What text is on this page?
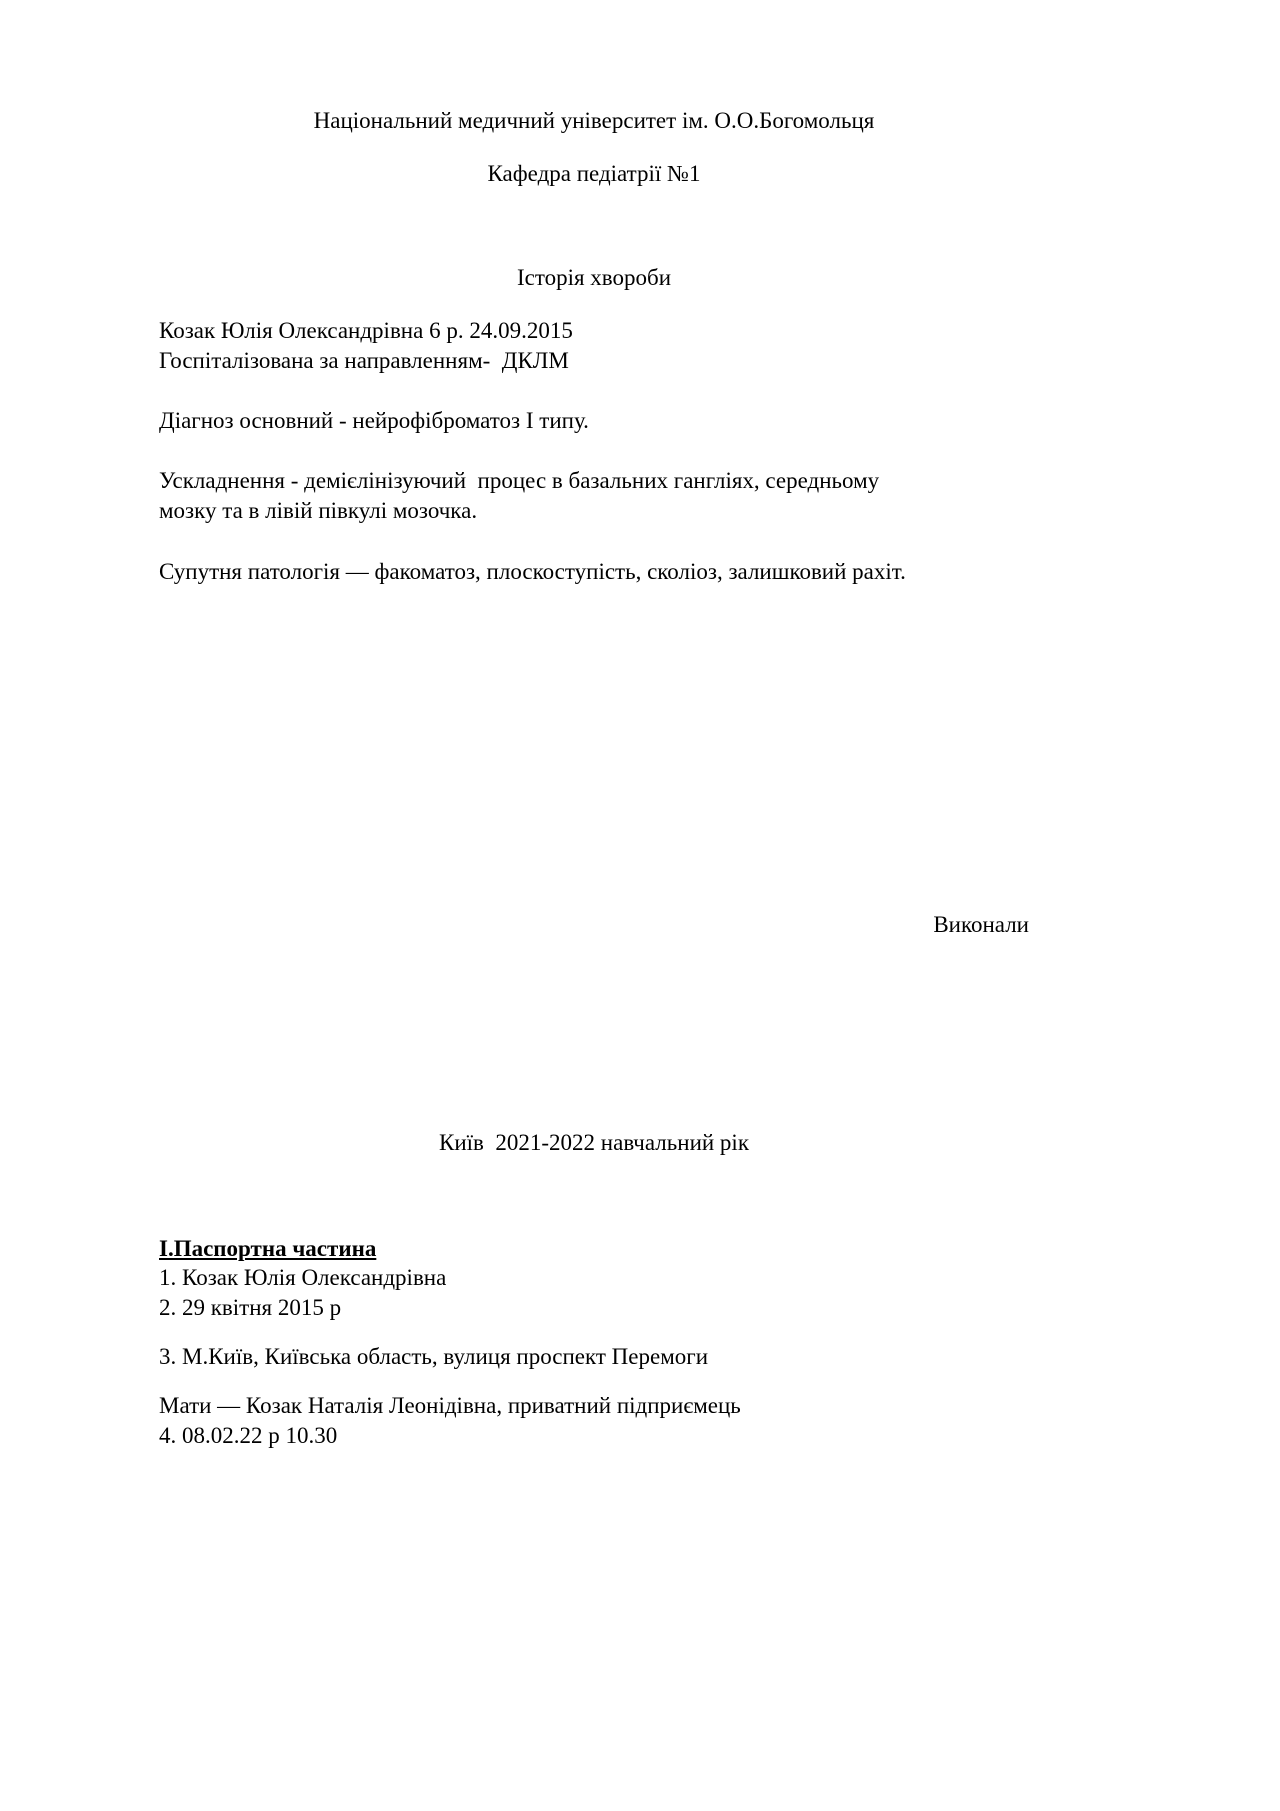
Національний медичний університет ім. О.О.Богомольця

Кафедра педіатрії №1

Історія хвороби

Козак Юлія Олександрівна 6 р. 24.09.2015

Госпіталізована за направленням-  ДКЛМ

Діагноз основний - нейрофіброматоз І типу.

Ускладнення - демієлінізуючий  процес в базальних гангліях, середньому

мозку та в лівій півкулі мозочка.

Супутня патологія — факоматоз, плоскоступість, сколіоз, залишковий рахіт.

Виконали

Київ  2021-2022 навчальний рік

І.Паспортна частина

1. Козак Юлія Олександрівна

2. 29 квітня 2015 р

3. М.Київ, Київська область, вулиця проспект Перемоги

Мати — Козак Наталія Леонідівна, приватний підприємець

4. 08.02.22 р 10.30
